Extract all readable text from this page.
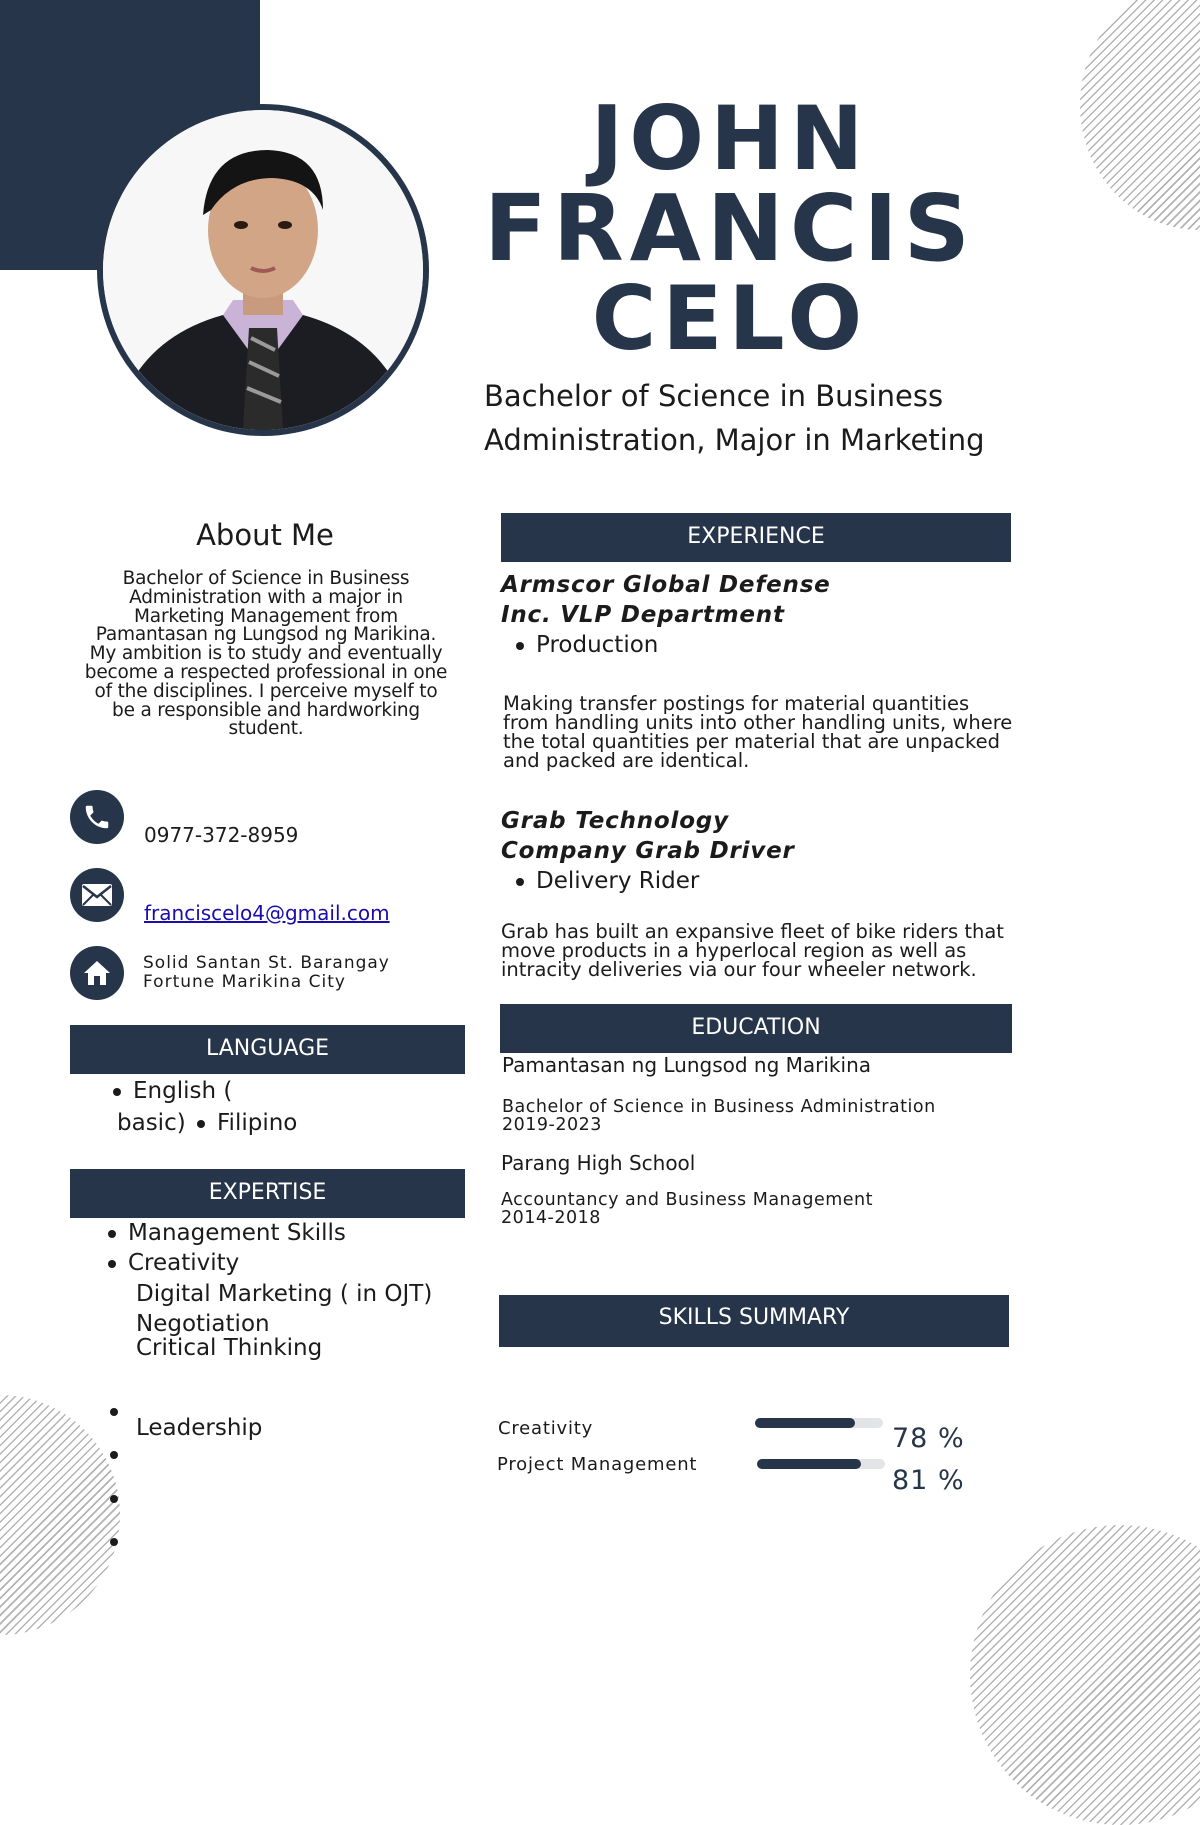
JOHN
FRANCIS
CELO
Bachelor of Science in Business
Administration, Major in Marketing
About Me
Bachelor of Science in Business
Administration with a major in
Marketing Management from
Pamantasan ng Lungsod ng Marikina.
My ambition is to study and eventually
become a respected professional in one
of the disciplines. I perceive myself to
be a responsible and hardworking
student.
0977-372-8959
franciscelo4@gmail.com
Solid Santan St. Barangay
Fortune Marikina City
LANGUAGE
English (
basic) Filipino
EXPERTISE
Management Skills
Creativity
Digital Marketing ( in OJT)
Negotiation
Critical Thinking
Leadership
EXPERIENCE
Armscor Global Defense
Inc. VLP Department
Production
Making transfer postings for material quantities
from handling units into other handling units, where
the total quantities per material that are unpacked
and packed are identical.
Grab Technology
Company Grab Driver
Delivery Rider
Grab has built an expansive fleet of bike riders that
move products in a hyperlocal region as well as
intracity deliveries via our four wheeler network.
EDUCATION
Pamantasan ng Lungsod ng Marikina
Bachelor of Science in Business Administration
2019-2023
Parang High School
Accountancy and Business Management
2014-2018
SKILLS SUMMARY
Creativity	78 %
Project Management
81 %
